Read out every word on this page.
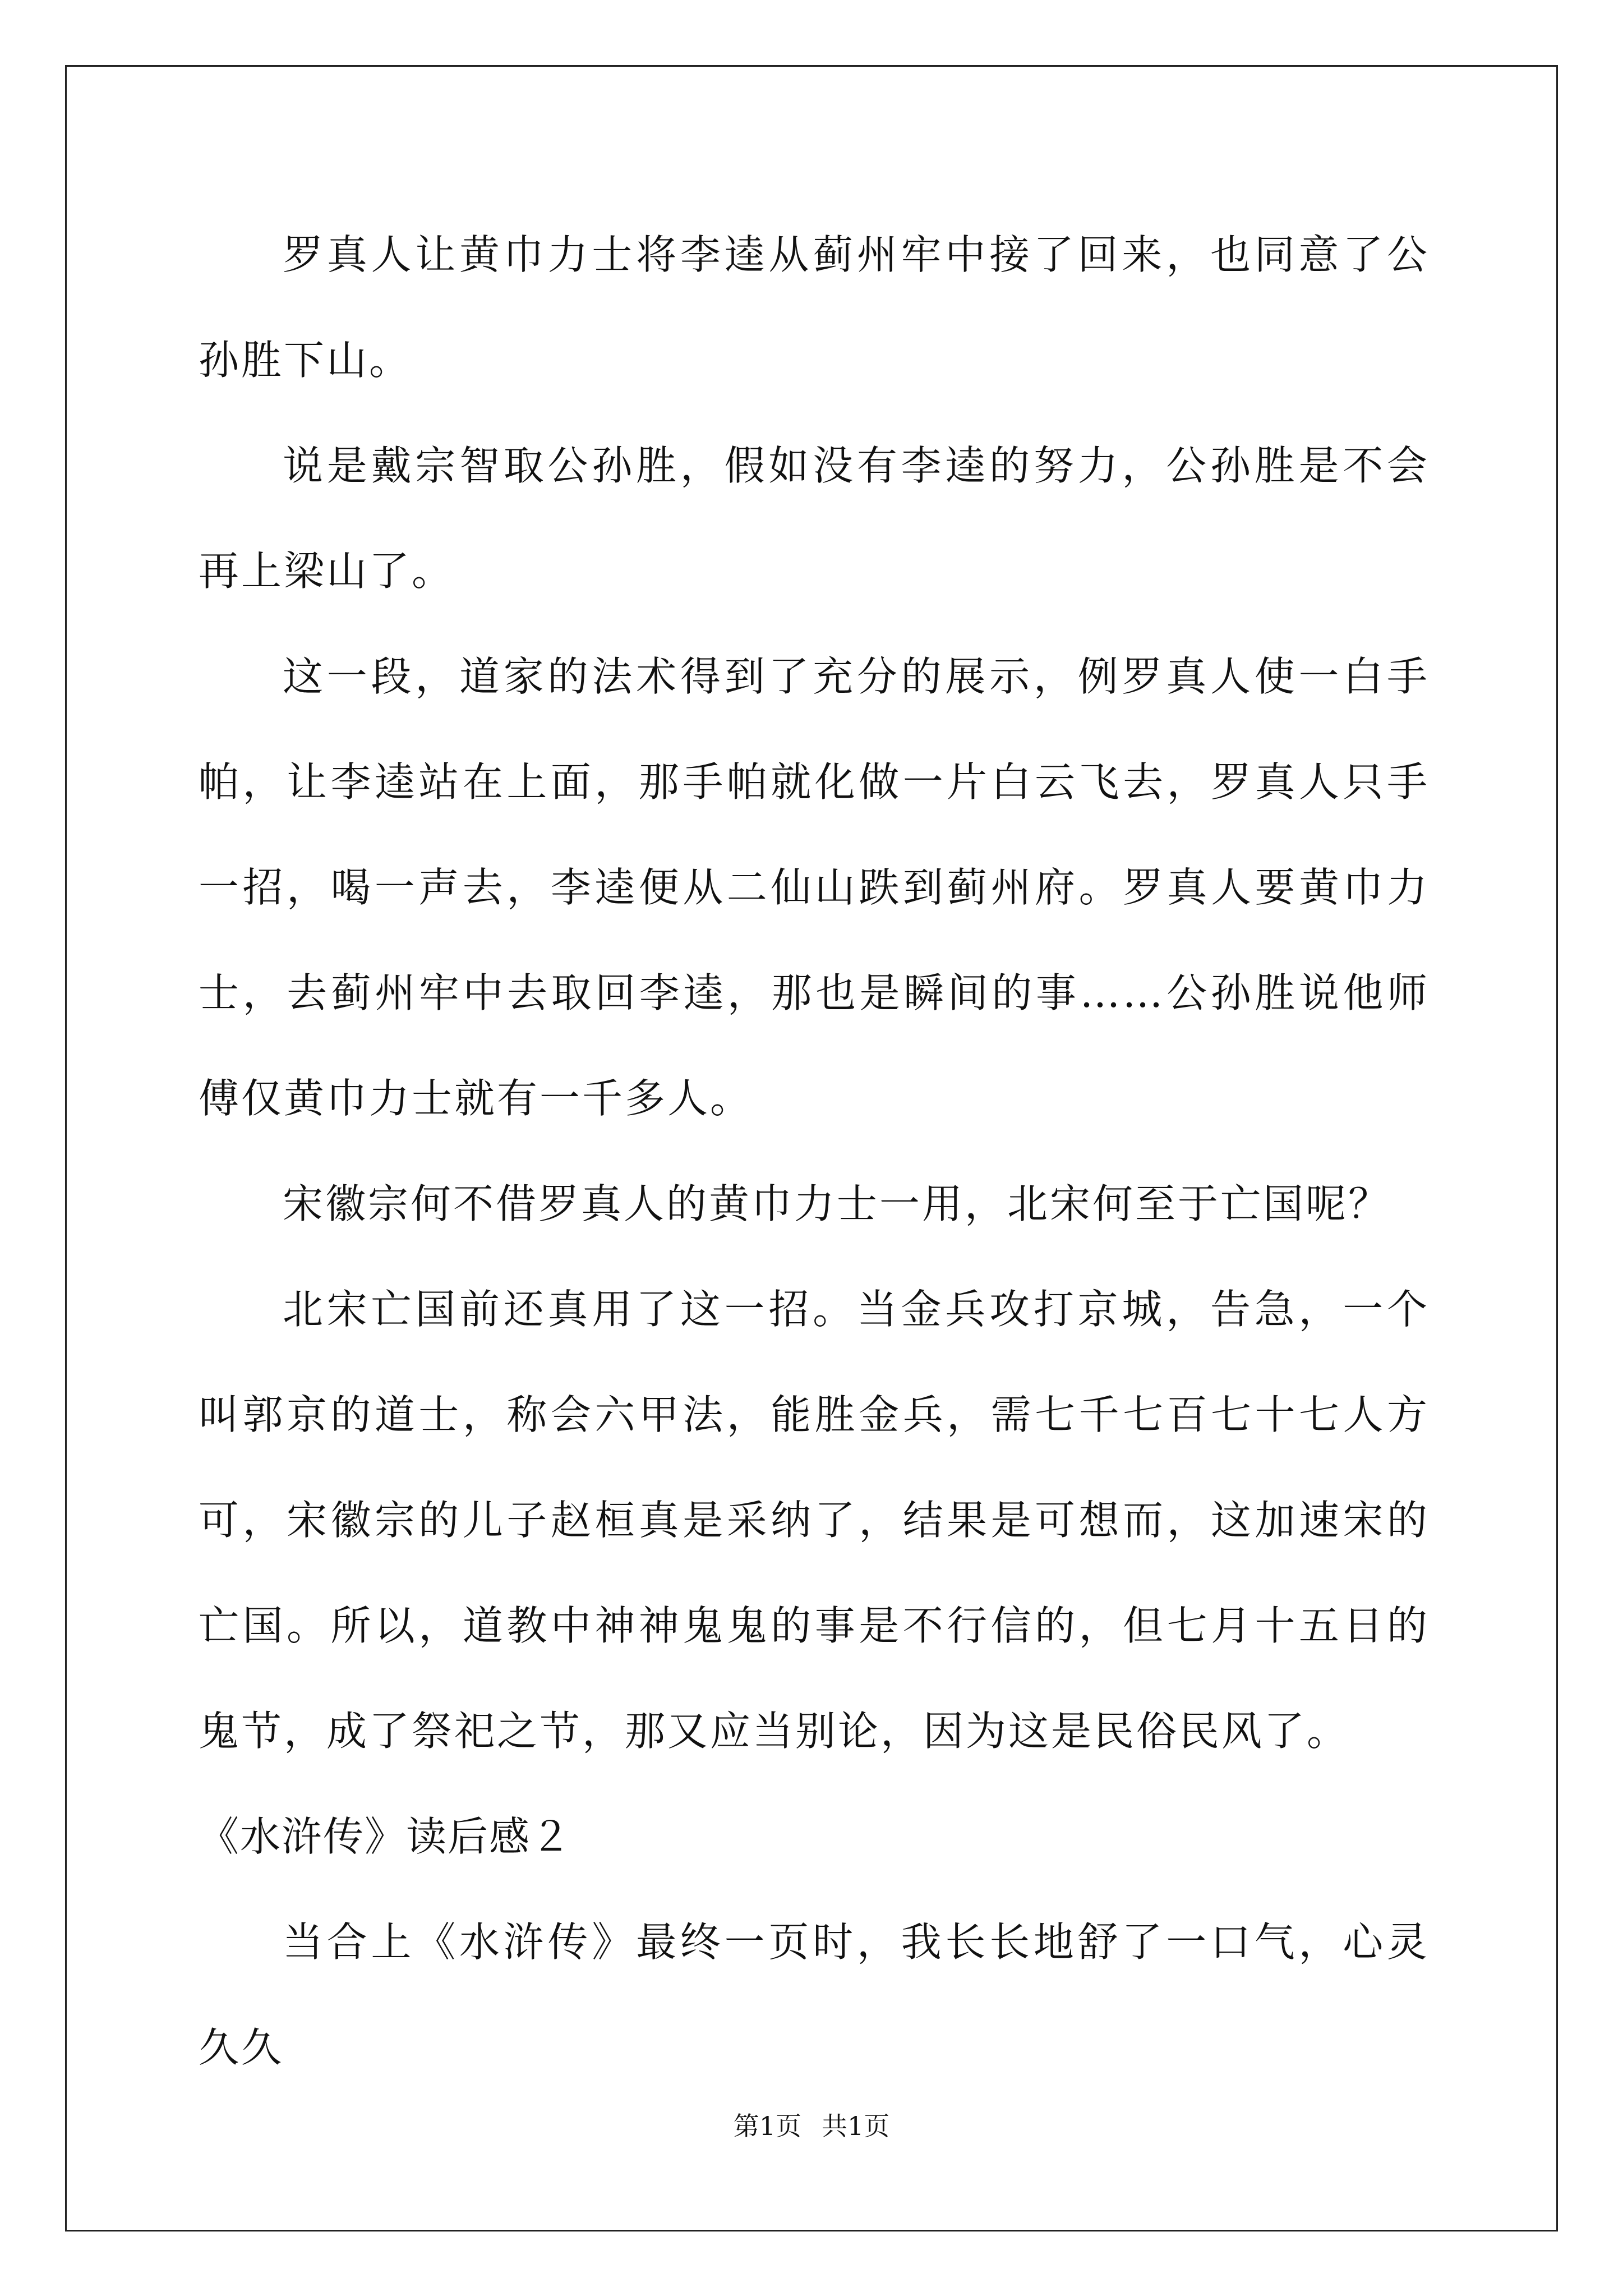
罗真人让黄巾力士将李逵从蓟州牢中接了回来，也同意了公孙胜下山。

说是戴宗智取公孙胜，假如没有李逵的努力，公孙胜是不会再上梁山了。

这一段，道家的法术得到了充分的展示，例罗真人使一白手帕，让李逵站在上面，那手帕就化做一片白云飞去，罗真人只手一招，喝一声去，李逵便从二仙山跌到蓟州府。罗真人要黄巾力士，去蓟州牢中去取回李逵，那也是瞬间的事……公孙胜说他师傅仅黄巾力士就有一千多人。

宋徽宗何不借罗真人的黄巾力士一用，北宋何至于亡国呢？

北宋亡国前还真用了这一招。当金兵攻打京城，告急，一个叫郭京的道士，称会六甲法，能胜金兵，需七千七百七十七人方可，宋徽宗的儿子赵桓真是采纳了，结果是可想而，这加速宋的亡国。所以，道教中神神鬼鬼的事是不行信的，但七月十五日的鬼节，成了祭祀之节，那又应当别论，因为这是民俗民风了。

《水浒传》读后感２

当合上《水浒传》最终一页时，我长长地舒了一口气，心灵久久

第1页 共1页
